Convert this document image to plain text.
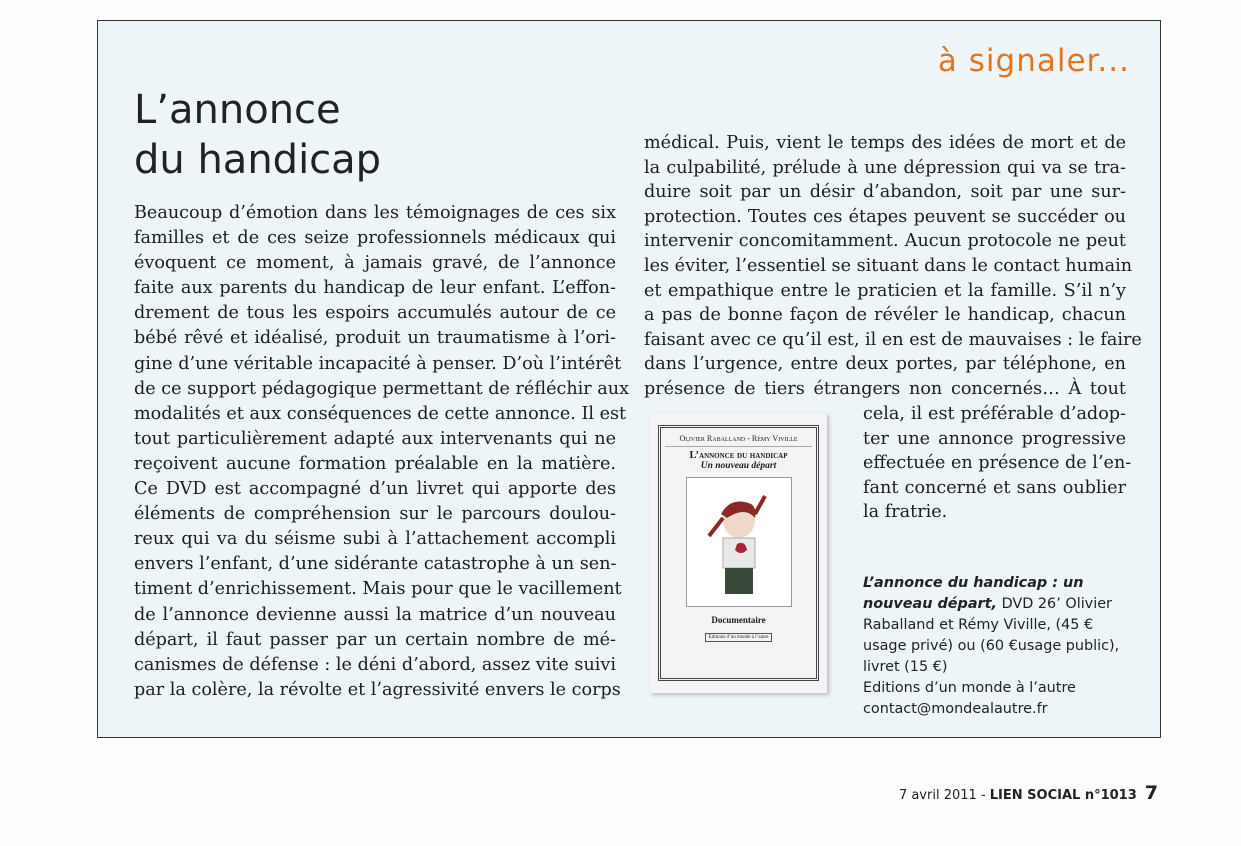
à signaler...
L’annonce
du handicap
Beaucoup d’émotion dans les témoignages de ces six
familles et de ces seize professionnels médicaux qui
évoquent ce moment, à jamais gravé, de l’annonce
faite aux parents du handicap de leur enfant. L’effon-
drement de tous les espoirs accumulés autour de ce
bébé rêvé et idéalisé, produit un traumatisme à l’ori-
gine d’une véritable incapacité à penser. D’où l’intérêt
de ce support pédagogique permettant de réfléchir aux
modalités et aux conséquences de cette annonce. Il est
tout particulièrement adapté aux intervenants qui ne
reçoivent aucune formation préalable en la matière.
Ce DVD est accompagné d’un livret qui apporte des
éléments de compréhension sur le parcours doulou-
reux qui va du séisme subi à l’attachement accompli
envers l’enfant, d’une sidérante catastrophe à un sen-
timent d’enrichissement. Mais pour que le vacillement
de l’annonce devienne aussi la matrice d’un nouveau
départ, il faut passer par un certain nombre de mé-
canismes de défense : le déni d’abord, assez vite suivi
par la colère, la révolte et l’agressivité envers le corps
médical. Puis, vient le temps des idées de mort et de
la culpabilité, prélude à une dépression qui va se tra-
duire soit par un désir d’abandon, soit par une sur-
protection. Toutes ces étapes peuvent se succéder ou
intervenir concomitamment. Aucun protocole ne peut
les éviter, l’essentiel se situant dans le contact humain
et empathique entre le praticien et la famille. S’il n’y
a pas de bonne façon de révéler le handicap, chacun
faisant avec ce qu’il est, il en est de mauvaises : le faire
dans l’urgence, entre deux portes, par téléphone, en
présence de tiers étrangers non concernés… À tout
cela, il est préférable d’adop-
ter une annonce progressive
effectuée en présence de l’en-
fant concerné et sans oublier
la fratrie.
Olivier Raballand - Rémy Viville
L’annonce du handicap
Un nouveau départ
Documentaire
Éditions d’un monde à l’autre
L’annonce du handicap : un nouveau départ, DVD 26’ Olivier Raballand et Rémy Viville, (45 € usage privé) ou (60 €usage public), livret (15 €)
Editions d’un monde à l’autre
contact@mondealautre.fr
7 avril 2011 - LIEN SOCIAL n°1013 7
